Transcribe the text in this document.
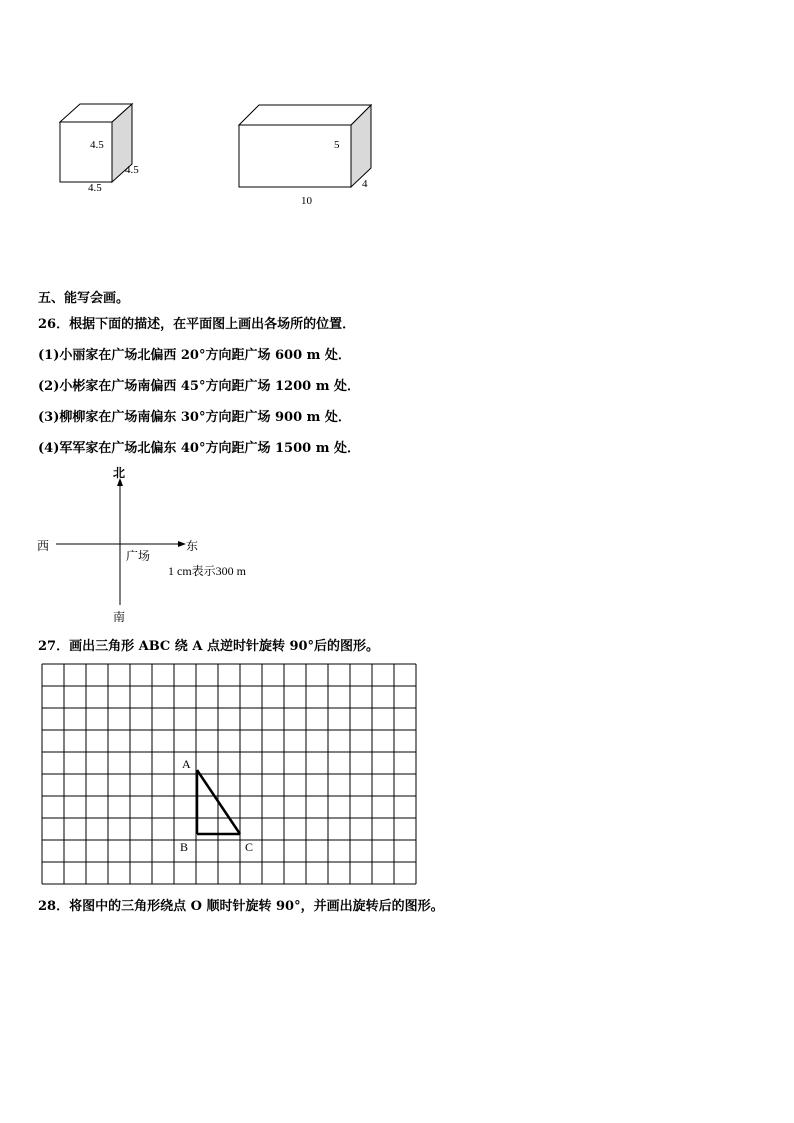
4.5
4.5
4.5
5
4
10
五、能写会画。
26．根据下面的描述，在平面图上画出各场所的位置．
(1)小丽家在广场北偏西 20°方向距广场 600 m 处．
(2)小彬家在广场南偏西 45°方向距广场 1200 m 处．
(3)柳柳家在广场南偏东 30°方向距广场 900 m 处．
(4)军军家在广场北偏东 40°方向距广场 1500 m 处．
北
西	东
广场
1 cm表示300 m
南
27．画出三角形 ABC 绕 A 点逆时针旋转 90°后的图形。
A
B	C
28．将图中的三角形绕点 O 顺时针旋转 90°，并画出旋转后的图形。
